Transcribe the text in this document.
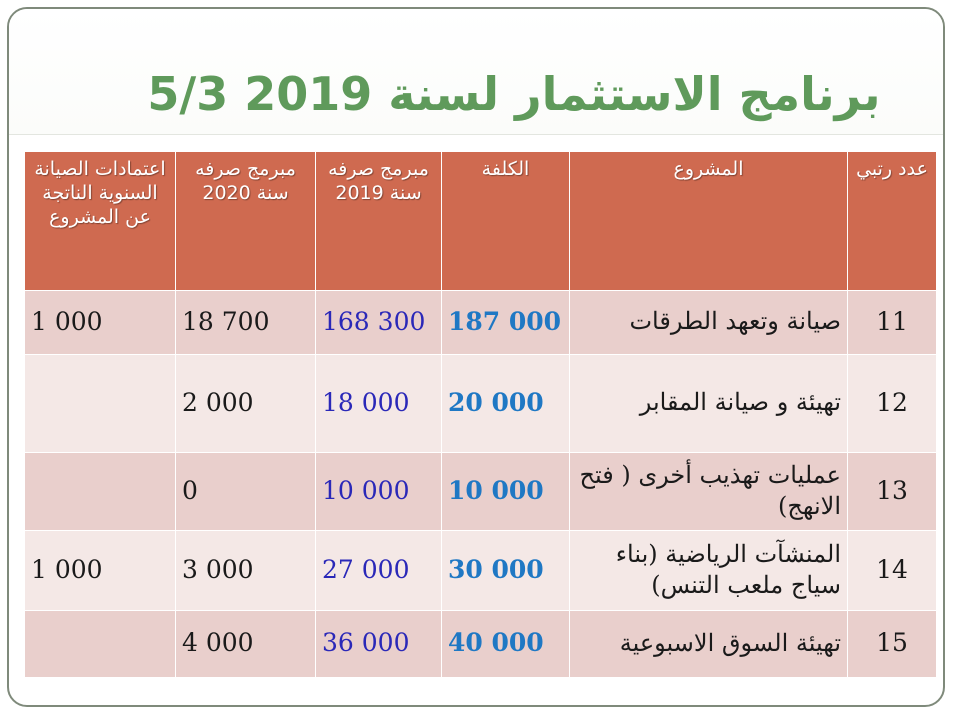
برنامج الاستثمار لسنة 2019 5/3
عدد رتبي	المشروع	الكلفة	مبرمج صرفه سنة 2019	مبرمج صرفه سنة 2020	اعتمادات الصيانة السنوية الناتجة عن المشروع
11	صيانة وتعهد الطرقات	187 000	168 300	18 700	1 000
12	تهيئة و صيانة المقابر	20 000	18 000	2 000	
13	عمليات تهذيب أخرى ( فتح الانهج)	10 000	10 000	0	
14	المنشآت الرياضية (بناء سياج ملعب التنس)	30 000	27 000	3 000	1 000
15	تهيئة السوق الاسبوعية	40 000	36 000	4 000	
